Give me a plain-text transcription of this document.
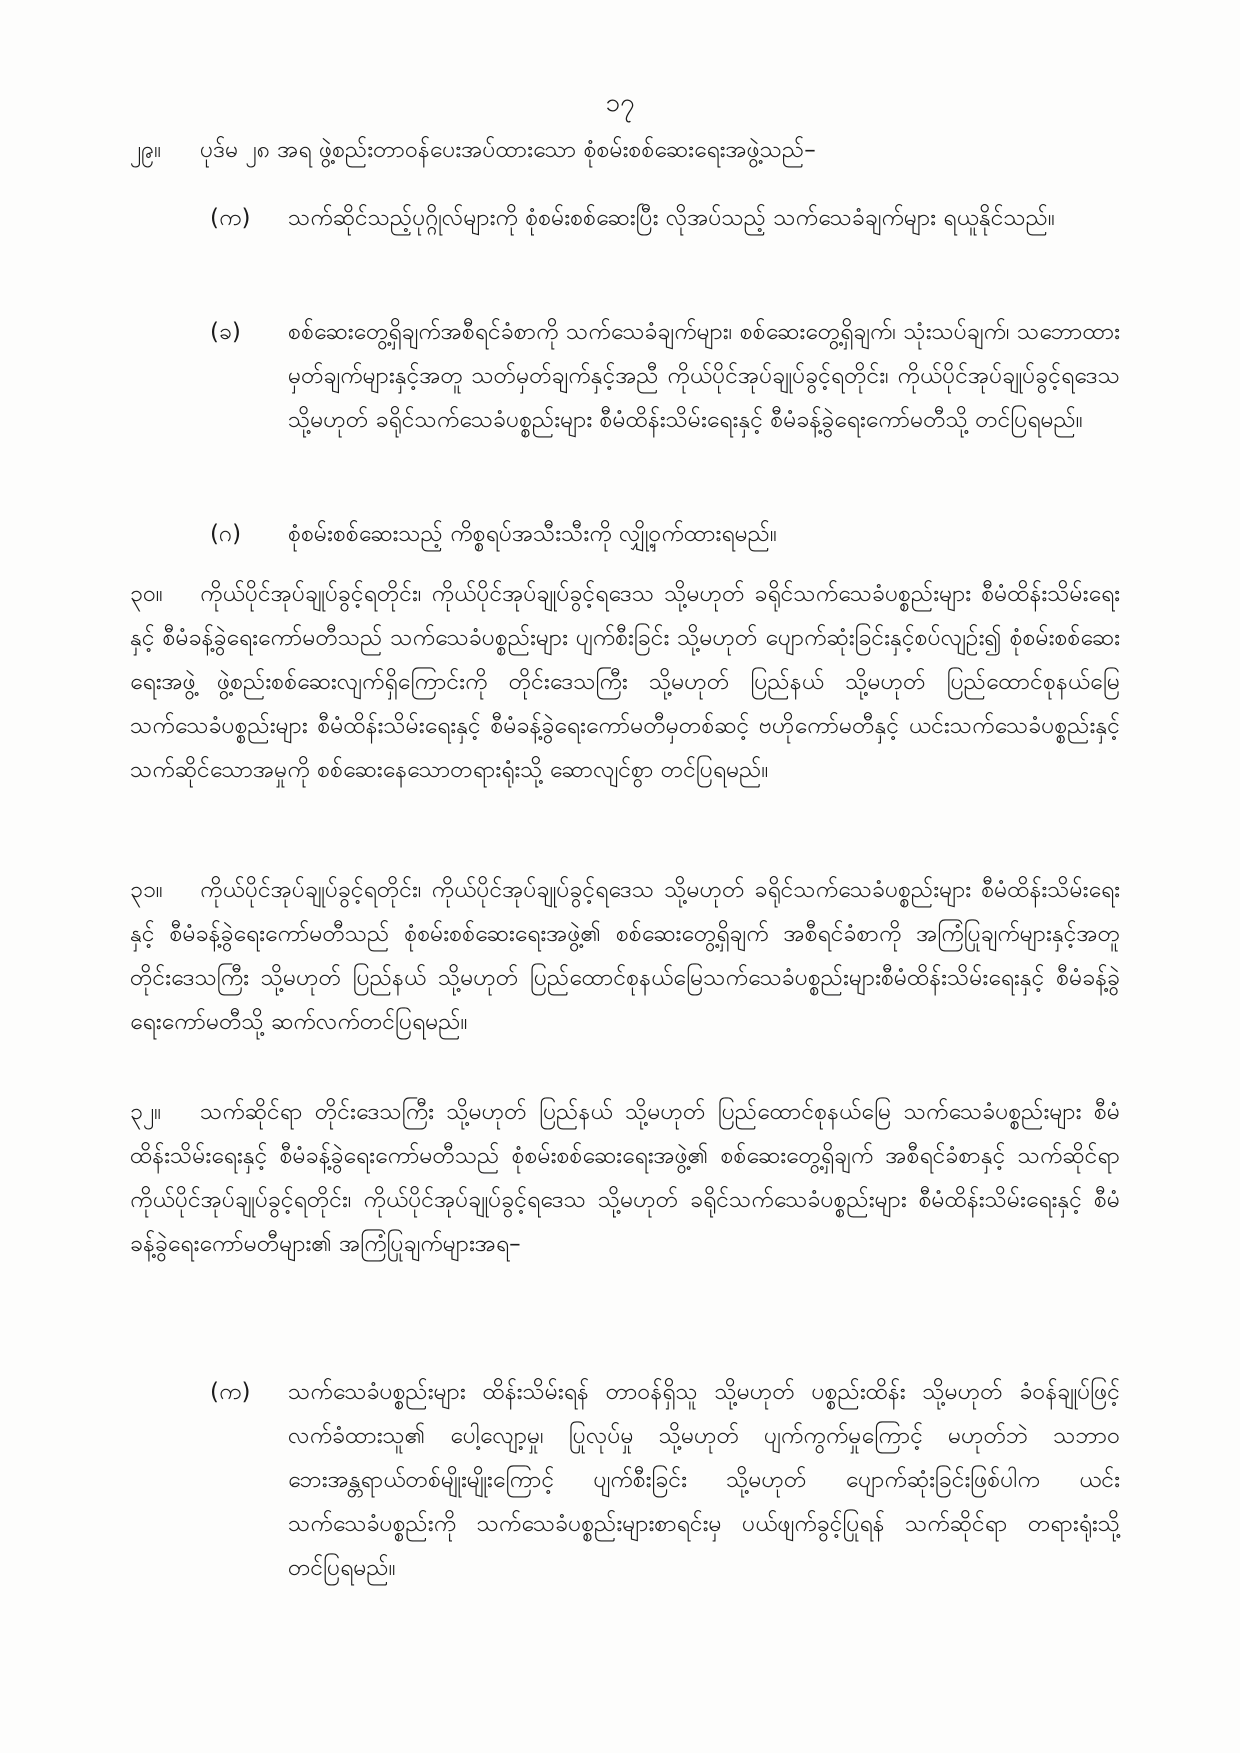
၁၇
၂၉။ ပုဒ်မ ၂၈ အရ ဖွဲ့စည်းတာဝန်ပေးအပ်ထားသော စုံစမ်းစစ်ဆေးရေးအဖွဲ့သည်–
(က)	သက်ဆိုင်သည့်ပုဂ္ဂိုလ်များကို စုံစမ်းစစ်ဆေးပြီး လိုအပ်သည့် သက်သေခံချက်များ ရယူနိုင်သည်။
(ခ)	စစ်ဆေးတွေ့ရှိချက်အစီရင်ခံစာကို သက်သေခံချက်များ၊ စစ်ဆေးတွေ့ရှိချက်၊ သုံးသပ်ချက်၊ သဘောထားမှတ်ချက်များနှင့်အတူ သတ်မှတ်ချက်နှင့်အညီ ကိုယ်ပိုင်အုပ်ချုပ်ခွင့်ရတိုင်း၊ ကိုယ်ပိုင်အုပ်ချုပ်ခွင့်ရဒေသ သို့မဟုတ် ခရိုင်သက်သေခံပစ္စည်းများ စီမံထိန်းသိမ်းရေးနှင့် စီမံခန့်ခွဲရေးကော်မတီသို့ တင်ပြရမည်။
(ဂ)	စုံစမ်းစစ်ဆေးသည့် ကိစ္စရပ်အသီးသီးကို လျှို့ဝှက်ထားရမည်။
၃၀။ ကိုယ်ပိုင်အုပ်ချုပ်ခွင့်ရတိုင်း၊ ကိုယ်ပိုင်အုပ်ချုပ်ခွင့်ရဒေသ သို့မဟုတ် ခရိုင်သက်သေခံပစ္စည်းများ စီမံထိန်းသိမ်းရေးနှင့် စီမံခန့်ခွဲရေးကော်မတီသည် သက်သေခံပစ္စည်းများ ပျက်စီးခြင်း သို့မဟုတ် ပျောက်ဆုံးခြင်းနှင့်စပ်လျဉ်း၍ စုံစမ်းစစ်ဆေးရေးအဖွဲ့ ဖွဲ့စည်းစစ်ဆေးလျက်ရှိကြောင်းကို တိုင်းဒေသကြီး သို့မဟုတ် ပြည်နယ် သို့မဟုတ် ပြည်ထောင်စုနယ်မြေ သက်သေခံပစ္စည်းများ စီမံထိန်းသိမ်းရေးနှင့် စီမံခန့်ခွဲရေးကော်မတီမှတစ်ဆင့် ဗဟိုကော်မတီနှင့် ယင်းသက်သေခံပစ္စည်းနှင့် သက်ဆိုင်သောအမှုကို စစ်ဆေးနေသောတရားရုံးသို့ ဆောလျင်စွာ တင်ပြရမည်။
၃၁။ ကိုယ်ပိုင်အုပ်ချုပ်ခွင့်ရတိုင်း၊ ကိုယ်ပိုင်အုပ်ချုပ်ခွင့်ရဒေသ သို့မဟုတ် ခရိုင်သက်သေခံပစ္စည်းများ စီမံထိန်းသိမ်းရေးနှင့် စီမံခန့်ခွဲရေးကော်မတီသည် စုံစမ်းစစ်ဆေးရေးအဖွဲ့၏ စစ်ဆေးတွေ့ရှိချက် အစီရင်ခံစာကို အကြံပြုချက်များနှင့်အတူ တိုင်းဒေသကြီး သို့မဟုတ် ပြည်နယ် သို့မဟုတ် ပြည်ထောင်စုနယ်မြေသက်သေခံပစ္စည်းများစီမံထိန်းသိမ်းရေးနှင့် စီမံခန့်ခွဲရေးကော်မတီသို့ ဆက်လက်တင်ပြရမည်။
၃၂။ သက်ဆိုင်ရာ တိုင်းဒေသကြီး သို့မဟုတ် ပြည်နယ် သို့မဟုတ် ပြည်ထောင်စုနယ်မြေ သက်သေခံပစ္စည်းများ စီမံထိန်းသိမ်းရေးနှင့် စီမံခန့်ခွဲရေးကော်မတီသည် စုံစမ်းစစ်ဆေးရေးအဖွဲ့၏ စစ်ဆေးတွေ့ရှိချက် အစီရင်ခံစာနှင့် သက်ဆိုင်ရာကိုယ်ပိုင်အုပ်ချုပ်ခွင့်ရတိုင်း၊ ကိုယ်ပိုင်အုပ်ချုပ်ခွင့်ရဒေသ သို့မဟုတ် ခရိုင်သက်သေခံပစ္စည်းများ စီမံထိန်းသိမ်းရေးနှင့် စီမံခန့်ခွဲရေးကော်မတီများ၏ အကြံပြုချက်များအရ–
(က)	သက်သေခံပစ္စည်းများ ထိန်းသိမ်းရန် တာဝန်ရှိသူ သို့မဟုတ် ပစ္စည်းထိန်း သို့မဟုတ် ခံဝန်ချုပ်ဖြင့် လက်ခံထားသူ၏ ပေါ့လျော့မှု၊ ပြုလုပ်မှု သို့မဟုတ် ပျက်ကွက်မှုကြောင့် မဟုတ်ဘဲ သဘာဝဘေးအန္တရာယ်တစ်မျိုးမျိုးကြောင့် ပျက်စီးခြင်း သို့မဟုတ် ပျောက်ဆုံးခြင်းဖြစ်ပါက ယင်းသက်သေခံပစ္စည်းကို သက်သေခံပစ္စည်းများစာရင်းမှ ပယ်ဖျက်ခွင့်ပြုရန် သက်ဆိုင်ရာ တရားရုံးသို့ တင်ပြရမည်။
